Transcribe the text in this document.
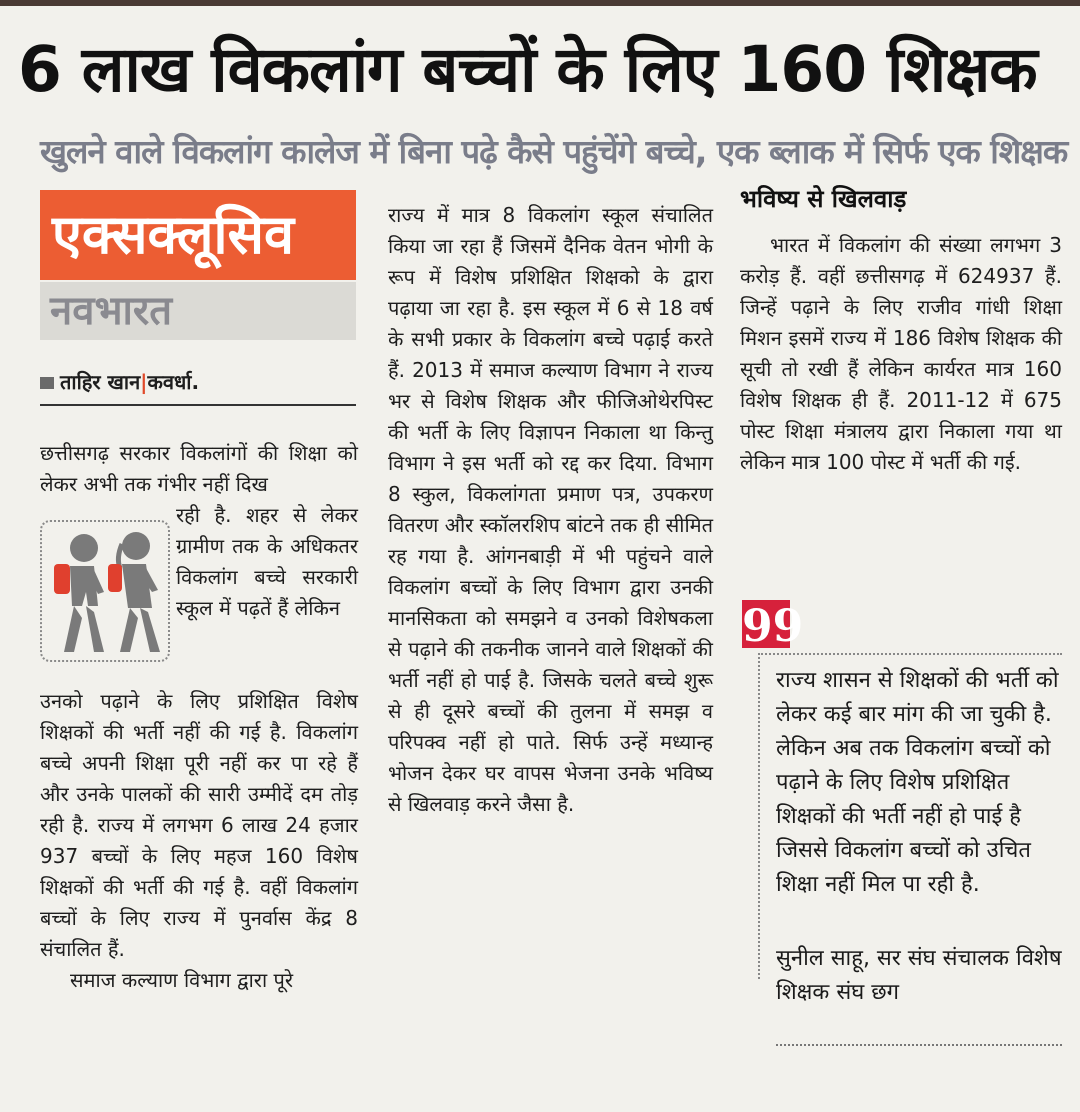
6 लाख विकलांग बच्चों के लिए 160 शिक्षक
खुलने वाले विकलांग कालेज में बिना पढ़े कैसे पहुंचेंगे बच्चे, एक ब्लाक में सिर्फ एक शिक्षक
एक्सक्लूसिव
नवभारत
ताहिर खान|कवर्धा.

छत्तीसगढ़ सरकार विकलांगों की शिक्षा को लेकर अभी तक गंभीर नहीं दिख

रही है. शहर से लेकर ग्रामीण तक के अधिकतर विकलांग बच्चे सरकारी स्कूल में पढ़तें हैं लेकिन

उनको पढ़ाने के लिए प्रशिक्षित विशेष शिक्षकों की भर्ती नहीं की गई है. विकलांग बच्चे अपनी शिक्षा पूरी नहीं कर पा रहे हैं और उनके पालकों की सारी उम्मीदें दम तोड़ रही है. राज्य में लगभग 6 लाख 24 हजार 937 बच्चों के लिए महज 160 विशेष शिक्षकों की भर्ती की गई है. वहीं विकलांग बच्चों के लिए राज्य में पुनर्वास केंद्र 8 संचालित हैं.

समाज कल्याण विभाग द्वारा पूरे

राज्य में मात्र 8 विकलांग स्कूल संचालित किया जा रहा हैं जिसमें दैनिक वेतन भोगी के रूप में विशेष प्रशिक्षित शिक्षको के द्वारा पढ़ाया जा रहा है. इस स्कूल में 6 से 18 वर्ष के सभी प्रकार के विकलांग बच्चे पढ़ाई करते हैं. 2013 में समाज कल्याण विभाग ने राज्य भर से विशेष शिक्षक और फीजिओथेरपिस्ट की भर्ती के लिए विज्ञापन निकाला था किन्तु विभाग ने इस भर्ती को रद्द कर दिया. विभाग 8 स्कुल, विकलांगता प्रमाण पत्र, उपकरण वितरण और स्कॉलरशिप बांटने तक ही सीमित रह गया है. आंगनबाड़ी में भी पहुंचने वाले विकलांग बच्चों के लिए विभाग द्वारा उनकी मानसिकता को समझने व उनको विशेषकला से पढ़ाने की तकनीक जानने वाले शिक्षकों की भर्ती नहीं हो पाई है. जिसके चलते बच्चे शुरू से ही दूसरे बच्चों की तुलना में समझ व परिपक्व नहीं हो पाते. सिर्फ उन्हें मध्यान्ह भोजन देकर घर वापस भेजना उनके भविष्य से खिलवाड़ करने जैसा है.

भविष्य से खिलवाड़

भारत में विकलांग की संख्या लगभग 3 करोड़ हैं. वहीं छत्तीसगढ़ में 624937 हैं. जिन्हें पढ़ाने के लिए राजीव गांधी शिक्षा मिशन इसमें राज्य में 186 विशेष शिक्षक की सूची तो रखी हैं लेकिन कार्यरत मात्र 160 विशेष शिक्षक ही हैं. 2011-12 में 675 पोस्ट शिक्षा मंत्रालय द्वारा निकाला गया था लेकिन मात्र 100 पोस्ट में भर्ती की गई.

99
राज्य शासन से शिक्षकों की भर्ती को लेकर कई बार मांग की जा चुकी है. लेकिन अब तक विकलांग बच्चों को पढ़ाने के लिए विशेष प्रशिक्षित शिक्षकों की भर्ती नहीं हो पाई है जिससे विकलांग बच्चों को उचित शिक्षा नहीं मिल पा रही है.
सुनील साहू, सर संघ संचालक विशेष शिक्षक संघ छग
